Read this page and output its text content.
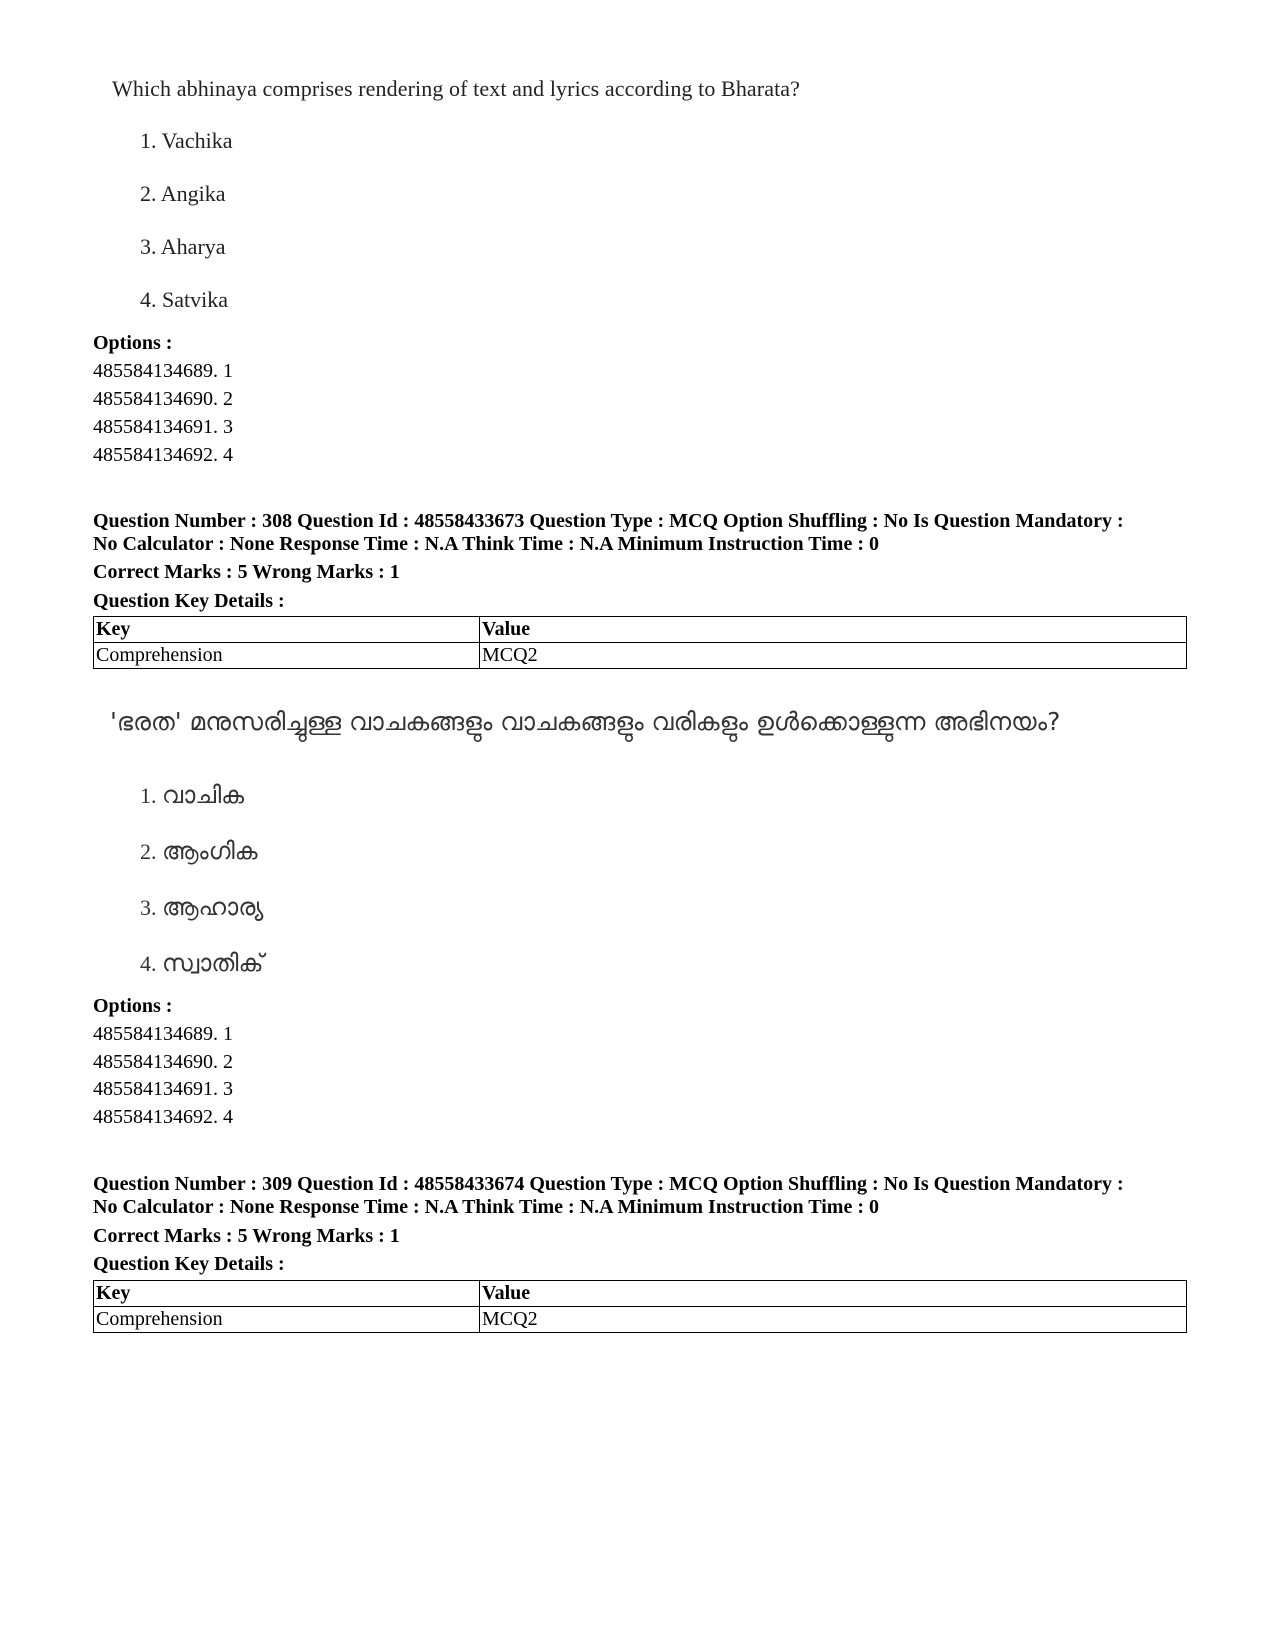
Which abhinaya comprises rendering of text and lyrics according to Bharata?
1. Vachika
2. Angika
3. Aharya
4. Satvika
Options :
485584134689. 1
485584134690. 2
485584134691. 3
485584134692. 4
Question Number : 308 Question Id : 48558433673 Question Type : MCQ Option Shuffling : No Is Question Mandatory :
No Calculator : None Response Time : N.A Think Time : N.A Minimum Instruction Time : 0
Correct Marks : 5 Wrong Marks : 1
Question Key Details :
Key	Value
Comprehension	MCQ2
'ഭരത' മനുസരിച്ചുള്ള വാചകങ്ങളും വാചകങ്ങളും വരികളും ഉൾക്കൊള്ളുന്ന അഭിനയം?
1. വാചിക
2. ആംഗിക
3. ആഹാര്യ
4. സ്വാതിക്
Options :
485584134689. 1
485584134690. 2
485584134691. 3
485584134692. 4
Question Number : 309 Question Id : 48558433674 Question Type : MCQ Option Shuffling : No Is Question Mandatory :
No Calculator : None Response Time : N.A Think Time : N.A Minimum Instruction Time : 0
Correct Marks : 5 Wrong Marks : 1
Question Key Details :
Key	Value
Comprehension	MCQ2
